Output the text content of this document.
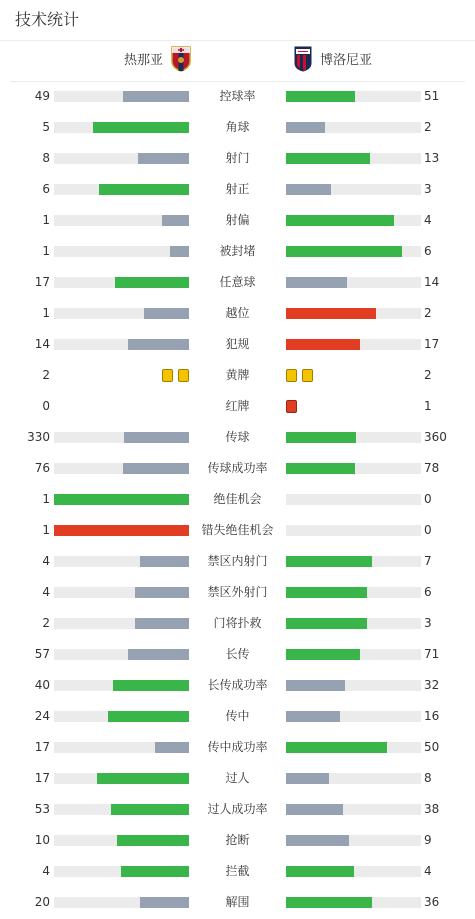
技术统计
热那亚	博洛尼亚
49	控球率	51
5	角球	2
8	射门	13
6	射正	3
1	射偏	4
1	被封堵	6
17	任意球	14
1	越位	2
14	犯规	17
2	黄牌	2
0	红牌	1
330	传球	360
76	传球成功率	78
1	绝佳机会	0
1	错失绝佳机会	0
4	禁区内射门	7
4	禁区外射门	6
2	门将扑救	3
57	长传	71
40	长传成功率	32
24	传中	16
17	传中成功率	50
17	过人	8
53	过人成功率	38
10	抢断	9
4	拦截	4
20	解围	36
